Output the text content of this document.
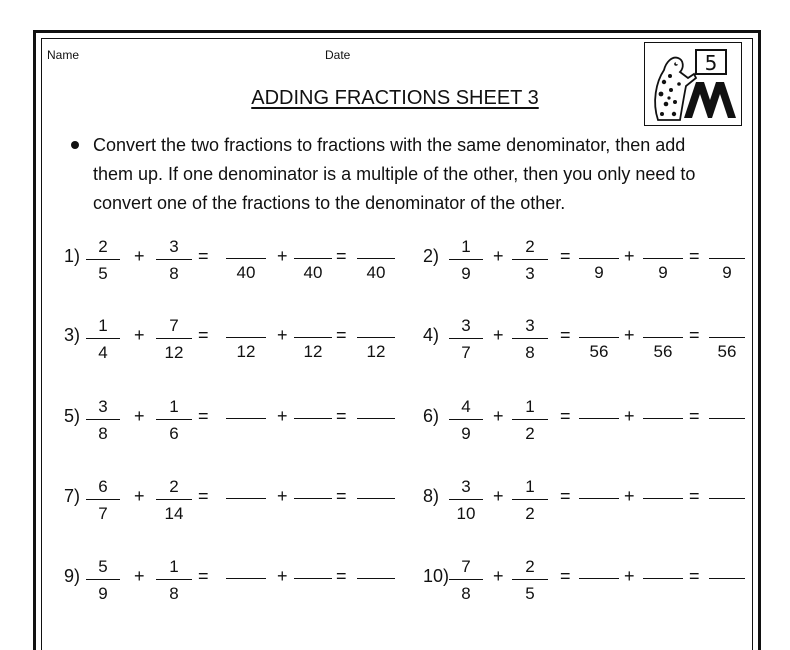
Name	Date
ADDING FRACTIONS SHEET 3
5
Convert the two fractions to fractions with the same denominator, then add
them up. If one denominator is a multiple of the other, then you only need to
convert one of the fractions to the denominator of the other.
$1) \frac{2}{5} + \frac{3}{8}$ =
40
+
40
=
40
$2) \frac{1}{9} + \frac{2}{3}$ =
9
+
9
=
9
$3) \frac{1}{4} + \frac{7}{12}$ =
12
+
12
=
12
$4) \frac{3}{7} + \frac{3}{8}$ =
56
+
56
=
56
$5) \frac{3}{8} + \frac{1}{6}$ =	+	=	$6) \frac{4}{9} + \frac{1}{2}$ =	+	=
$7) \frac{6}{7} + \frac{2}{14}$ =	+	=	$8) \frac{3}{10} + \frac{1}{2}$ =	+	=
$9) \frac{5}{9} + \frac{1}{8}$ =	+	=	$10) \frac{7}{8} + \frac{2}{5}$ =	+	=
